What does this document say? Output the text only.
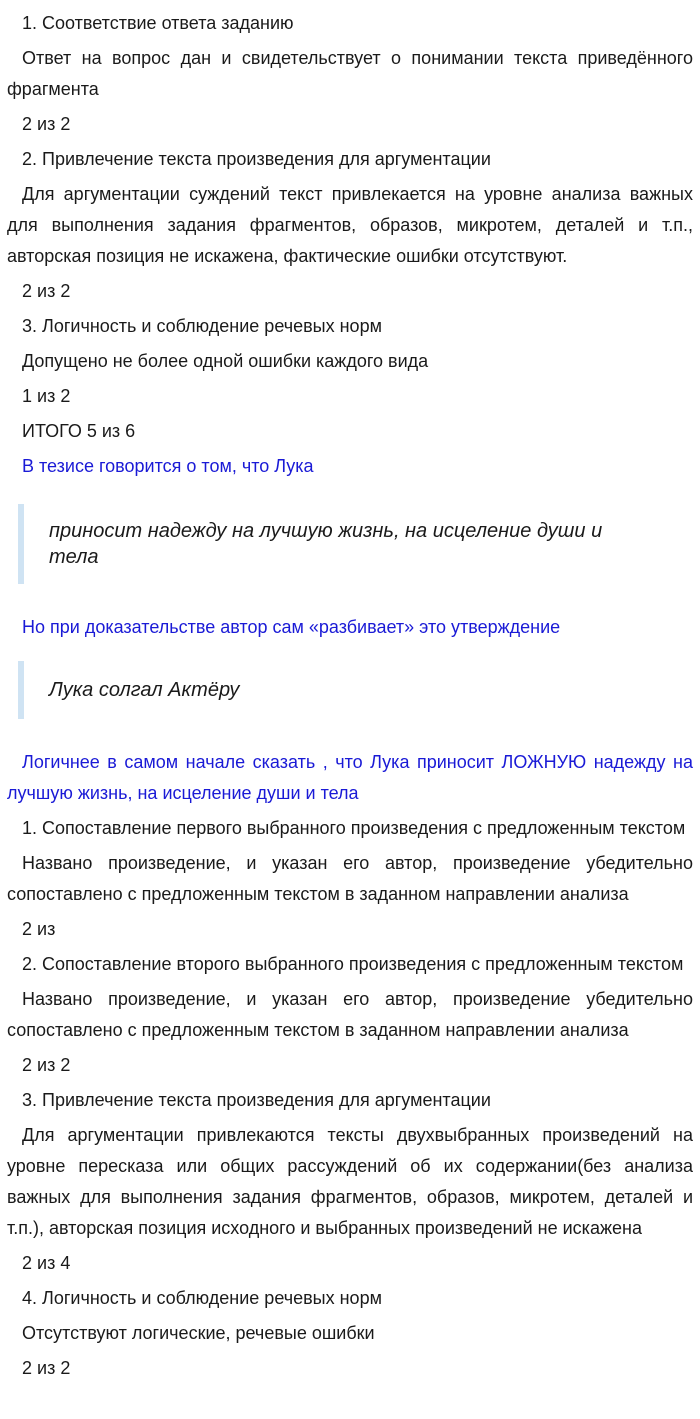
1. Соответствие ответа заданию

Ответ на вопрос дан и свидетельствует о понимании текста приведённого фрагмента

2 из 2

2. Привлечение текста произведения для аргументации

Для аргументации суждений текст привлекается на уровне анализа важных для выполнения задания фрагментов, образов, микротем, деталей и т.п., авторская позиция не искажена, фактические ошибки отсутствуют.

2 из 2

3. Логичность и соблюдение речевых норм

Допущено не более одной ошибки каждого вида

1 из 2

ИТОГО 5 из 6

В тезисе говорится о том, что Лука

приносит надежду на лучшую жизнь, на исцеление души и тела

Но при доказательстве автор сам «разбивает» это утверждение

Лука солгал Актёру

Логичнее в самом начале сказать , что Лука приносит ЛОЖНУЮ надежду на лучшую жизнь, на исцеление души и тела

1. Сопоставление первого выбранного произведения с предложенным текстом

Названо произведение, и указан его автор, произведение убедительно сопоставлено с предложенным текстом в заданном направлении анализа

2 из

2. Сопоставление второго выбранного произведения с предложенным текстом

Названо произведение, и указан его автор, произведение убедительно сопоставлено с предложенным текстом в заданном направлении анализа

2 из 2

3. Привлечение текста произведения для аргументации

Для аргументации привлекаются тексты двухвыбранных произведений на уровне пересказа или общих рассуждений об их содержании(без анализа важных для выполнения задания фрагментов, образов, микротем, деталей и т.п.), авторская позиция исходного и выбранных произведений не искажена

2 из 4

4. Логичность и соблюдение речевых норм

Отсутствуют логические, речевые ошибки

2 из 2
